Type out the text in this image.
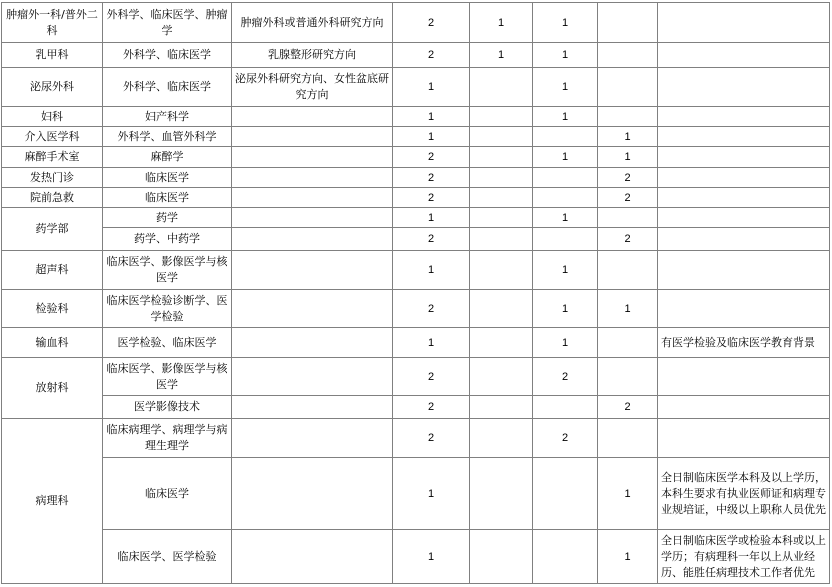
肿瘤外一科/普外二科	外科学、临床医学、肿瘤学	肿瘤外科或普通外科研究方向	2	1	1		
乳甲科	外科学、临床医学	乳腺整形研究方向	2	1	1		
泌尿外科	外科学、临床医学	泌尿外科研究方向、女性盆底研究方向	1		1		
妇科	妇产科学		1		1		
介入医学科	外科学、血管外科学		1			1	
麻醉手术室	麻醉学		2		1	1	
发热门诊	临床医学		2			2	
院前急救	临床医学		2			2	
药学部	药学		1		1		
	药学、中药学		2			2	
超声科	临床医学、影像医学与核医学		1		1		
检验科	临床医学检验诊断学、医学检验		2		1	1	
输血科	医学检验、临床医学		1		1		有医学检验及临床医学教育背景
放射科	临床医学、影像医学与核医学		2		2		
	医学影像技术		2			2	
病理科	临床病理学、病理学与病理生理学		2		2		
	临床医学		1			1	全日制临床医学本科及以上学历，本科生要求有执业医师证和病理专业规培证，中级以上职称人员优先
	临床医学、医学检验		1			1	全日制临床医学或检验本科或以上学历；有病理科一年以上从业经历、能胜任病理技术工作者优先
